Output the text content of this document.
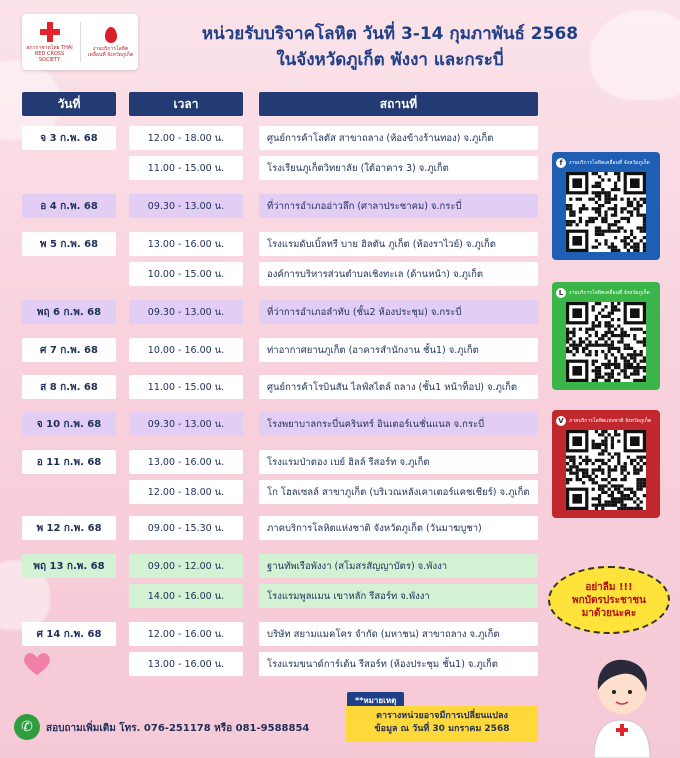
สภากาชาดไทย THAI RED CROSS SOCIETY
งานบริการโลหิตเคลื่อนที่ จังหวัดภูเก็ต
หน่วยรับบริจาคโลหิต วันที่ 3-14 กุมภาพันธ์ 2568
ในจังหวัดภูเก็ต พังงา และกระบี่
วันที่	เวลา	สถานที่
จ 3 ก.พ. 68	12.00 - 18.00 น.	ศูนย์การค้าโลตัส สาขาถลาง (ห้องข้างร้านทอง) จ.ภูเก็ต
11.00 - 15.00 น.	โรงเรียนภูเก็ตวิทยาลัย (ใต้อาคาร 3) จ.ภูเก็ต
อ 4 ก.พ. 68	09.30 - 13.00 น.	ที่ว่าการอำเภออ่าวลึก (ศาลาประชาคม) จ.กระบี่
พ 5 ก.พ. 68	13.00 - 16.00 น.	โรงแรมดับเบิ้ลทรี บาย ฮิลตัน ภูเก็ต (ห้องราไวย์) จ.ภูเก็ต
10.00 - 15.00 น.	องค์การบริหารส่วนตำบลเชิงทะเล (ด้านหน้า) จ.ภูเก็ต
พฤ 6 ก.พ. 68	09.30 - 13.00 น.	ที่ว่าการอำเภอลำทับ (ชั้น2 ห้องประชุม) จ.กระบี่
ศ 7 ก.พ. 68	10.00 - 16.00 น.	ท่าอากาศยานภูเก็ต (อาคารสำนักงาน ชั้น1) จ.ภูเก็ต
ส 8 ก.พ. 68	11.00 - 15.00 น.	ศูนย์การค้าโรบินสัน ไลฟ์สไตล์ ถลาง (ชั้น1 หน้าท็อป) จ.ภูเก็ต
จ 10 ก.พ. 68	09.30 - 13.00 น.	โรงพยาบาลกระบี่นครินทร์ อินเตอร์เนชั่นแนล จ.กระบี่
อ 11 ก.พ. 68	13.00 - 16.00 น.	โรงแรมป่าตอง เบย์ ฮิลล์ รีสอร์ท จ.ภูเก็ต
12.00 - 18.00 น.	โก โฮลเซลล์ สาขาภูเก็ต (บริเวณหลังเคาเตอร์แคชเชียร์) จ.ภูเก็ต
พ 12 ก.พ. 68	09.00 - 15.30 น.	ภาคบริการโลหิตแห่งชาติ จังหวัดภูเก็ต (วันมาฆบูชา)
พฤ 13 ก.พ. 68	09.00 - 12.00 น.	ฐานทัพเรือพังงา (สโมสรสัญญาบัตร) จ.พังงา
14.00 - 16.00 น.	โรงแรมพูลแมน เขาหลัก รีสอร์ท จ.พังงา
ศ 14 ก.พ. 68	12.00 - 16.00 น.	บริษัท สยามแมคโคร จำกัด (มหาชน) สาขาถลาง จ.ภูเก็ต
13.00 - 16.00 น.	โรงแรมขนาด์การ์เด้น รีสอร์ท (ห้องประชุม ชั้น1) จ.ภูเก็ต
f	งานบริการโลหิตเคลื่อนที่ จังหวัดภูเก็ต
L	งานบริการโลหิตเคลื่อนที่ จังหวัดภูเก็ต
V	ภาคบริการโลหิตแห่งชาติ จังหวัดภูเก็ต
อย่าลืม !!!
พกบัตรประชาชน
มาด้วยนะคะ
✆	สอบถามเพิ่มเติม โทร. 076-251178 หรือ 081-9588854
**หมายเหตุ
ตารางหน่วยอาจมีการเปลี่ยนแปลง
ข้อมูล ณ วันที่ 30 มกราคม 2568
